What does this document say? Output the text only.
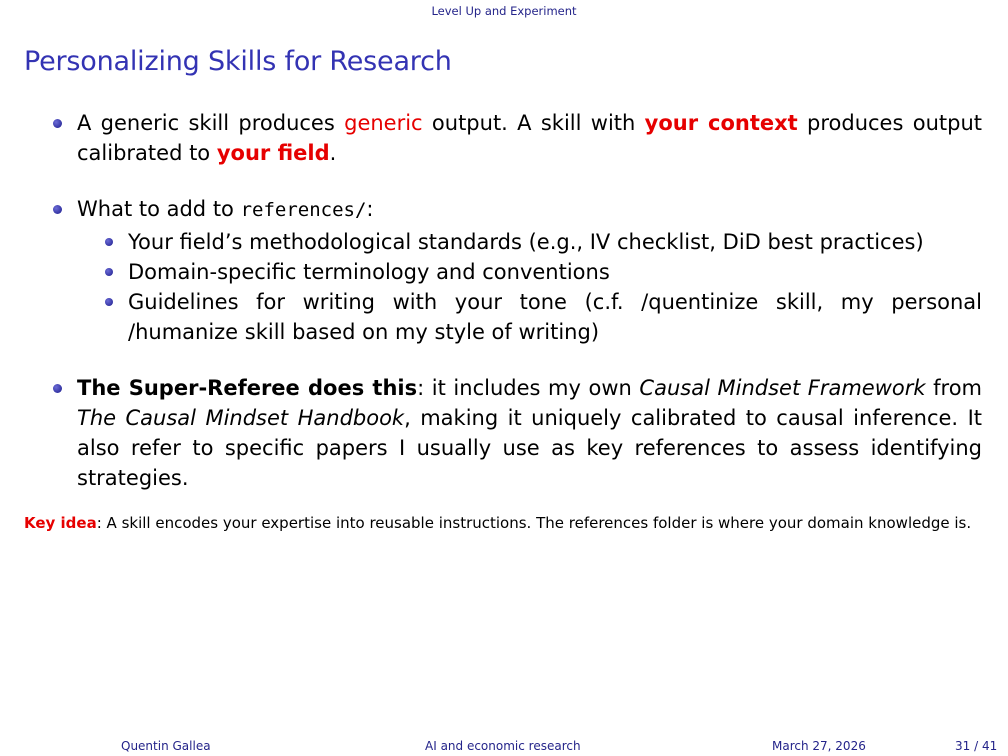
Level Up and Experiment
Personalizing Skills for Research
A generic skill produces generic output. A skill with your context produces output calibrated to your field.
What to add to references/:
Your field’s methodological standards (e.g., IV checklist, DiD best practices)
Domain-specific terminology and conventions
Guidelines for writing with your tone (c.f. /quentinize skill, my personal /humanize skill based on my style of writing)
The Super-Referee does this: it includes my own Causal Mindset Framework from The Causal Mindset Handbook, making it uniquely calibrated to causal inference. It also refer to specific papers I usually use as key references to assess identifying strategies.
Key idea: A skill encodes your expertise into reusable instructions. The references folder is where your domain knowledge is.
Quentin Gallea	AI and economic research	March 27, 2026	31 / 41
